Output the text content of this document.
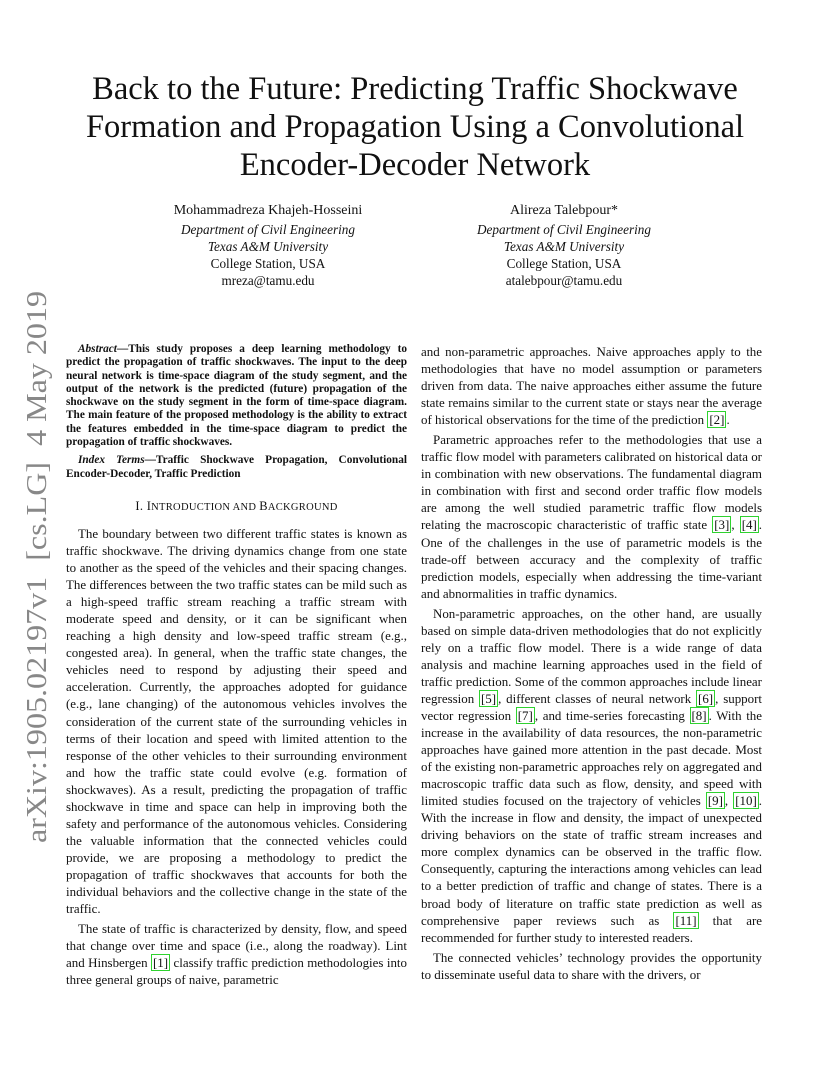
arXiv:1905.02197v1  [cs.LG]  4 May 2019
Back to the Future: Predicting Traffic Shockwave
Formation and Propagation Using a Convolutional
Encoder-Decoder Network
Mohammadreza Khajeh-Hosseini
Department of Civil Engineering
Texas A&M University
College Station, USA
mreza@tamu.edu
Alireza Talebpour*
Department of Civil Engineering
Texas A&M University
College Station, USA
atalebpour@tamu.edu

Abstract—This study proposes a deep learning methodology to predict the propagation of traffic shockwaves. The input to the deep neural network is time-space diagram of the study segment, and the output of the network is the predicted (future) propagation of the shockwave on the study segment in the form of time-space diagram. The main feature of the proposed methodology is the ability to extract the features embedded in the time-space diagram to predict the propagation of traffic shockwaves.

Index Terms—Traffic Shockwave Propagation, Convolutional Encoder-Decoder, Traffic Prediction

I. INTRODUCTION AND BACKGROUND

The boundary between two different traffic states is known as traffic shockwave. The driving dynamics change from one state to another as the speed of the vehicles and their spacing changes. The differences between the two traffic states can be mild such as a high-speed traffic stream reaching a traffic stream with moderate speed and density, or it can be significant when reaching a high density and low-speed traffic stream (e.g., congested area). In general, when the traffic state changes, the vehicles need to respond by adjusting their speed and acceleration. Currently, the approaches adopted for guidance (e.g., lane changing) of the autonomous vehicles involves the consideration of the current state of the surrounding vehicles in terms of their location and speed with limited attention to the response of the other vehicles to their surrounding environment and how the traffic state could evolve (e.g. formation of shockwaves). As a result, predicting the propagation of traffic shockwave in time and space can help in improving both the safety and performance of the autonomous vehicles. Considering the valuable information that the connected vehicles could provide, we are proposing a methodology to predict the propagation of traffic shockwaves that accounts for both the individual behaviors and the collective change in the state of the traffic.

The state of traffic is characterized by density, flow, and speed that change over time and space (i.e., along the roadway). Lint and Hinsbergen [1] classify traffic prediction methodologies into three general groups of naive, parametric

and non-parametric approaches. Naive approaches apply to the methodologies that have no model assumption or parameters driven from data. The naive approaches either assume the future state remains similar to the current state or stays near the average of historical observations for the time of the prediction [2] .

Parametric approaches refer to the methodologies that use a traffic flow model with parameters calibrated on historical data or in combination with new observations. The fundamental diagram in combination with first and second order traffic flow models are among the well studied parametric traffic flow models relating the macroscopic characteristic of traffic state [3] , [4] . One of the challenges in the use of parametric models is the trade-off between accuracy and the complexity of traffic prediction models, especially when addressing the time-variant and abnormalities in traffic dynamics.

Non-parametric approaches, on the other hand, are usually based on simple data-driven methodologies that do not explicitly rely on a traffic flow model. There is a wide range of data analysis and machine learning approaches used in the field of traffic prediction. Some of the common approaches include linear regression [5] , different classes of neural network [6] , support vector regression [7] , and time-series forecasting [8] . With the increase in the availability of data resources, the non-parametric approaches have gained more attention in the past decade. Most of the existing non-parametric approaches rely on aggregated and macroscopic traffic data such as flow, density, and speed with limited studies focused on the trajectory of vehicles [9] , [10] . With the increase in flow and density, the impact of unexpected driving behaviors on the state of traffic stream increases and more complex dynamics can be observed in the traffic flow. Consequently, capturing the interactions among vehicles can lead to a better prediction of traffic and change of states. There is a broad body of literature on traffic state prediction as well as comprehensive paper reviews such as [11] that are recommended for further study to interested readers.

The connected vehicles’ technology provides the opportunity to disseminate useful data to share with the drivers, or
